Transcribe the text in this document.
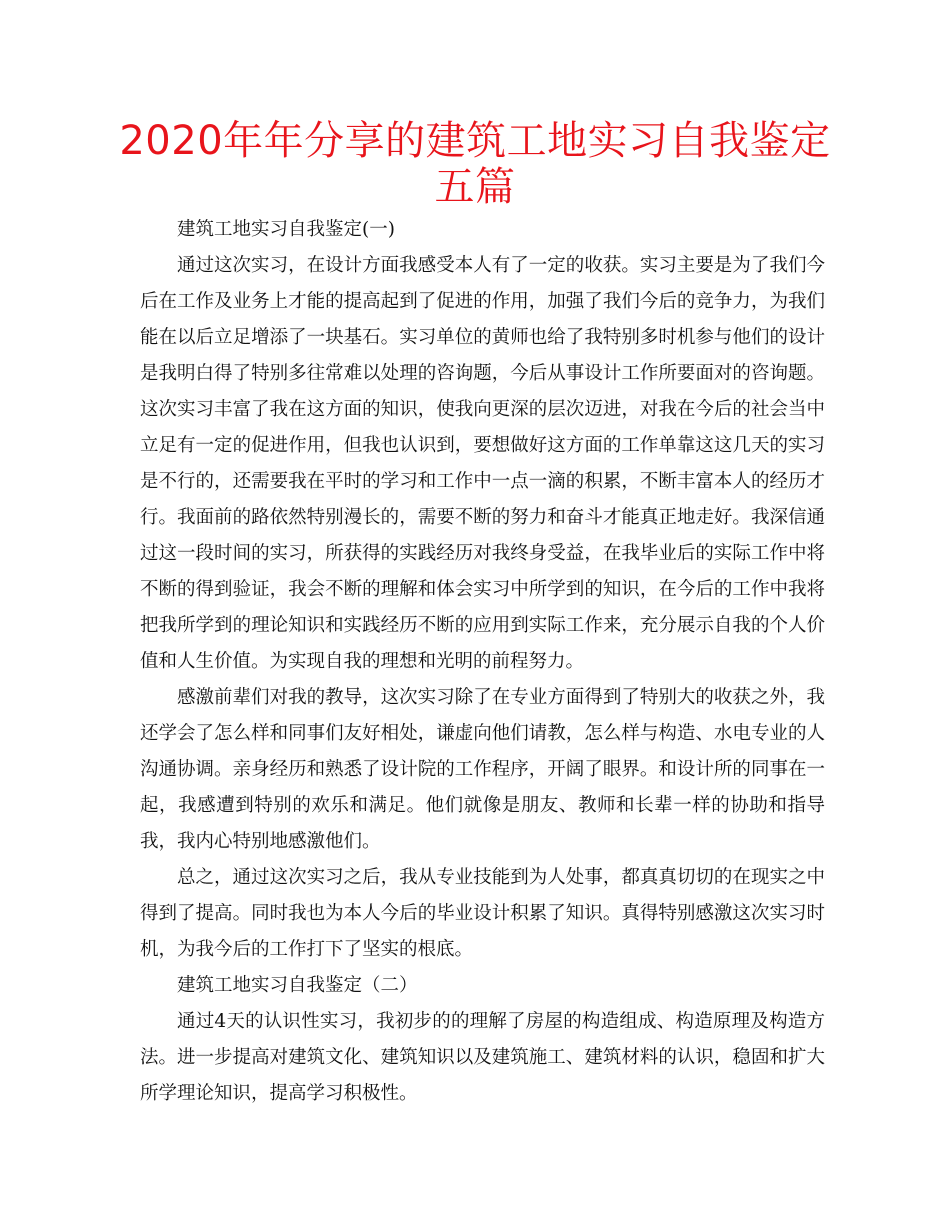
2020年年分享的建筑工地实习自我鉴定五篇

建筑工地实习自我鉴定(一)

通过这次实习，在设计方面我感受本人有了一定的收获。实习主要是为了我们今后在工作及业务上才能的提高起到了促进的作用，加强了我们今后的竞争力，为我们能在以后立足增添了一块基石。实习单位的黄师也给了我特别多时机参与他们的设计是我明白得了特别多往常难以处理的咨询题，今后从事设计工作所要面对的咨询题。这次实习丰富了我在这方面的知识，使我向更深的层次迈进，对我在今后的社会当中立足有一定的促进作用，但我也认识到，要想做好这方面的工作单靠这这几天的实习是不行的，还需要我在平时的学习和工作中一点一滴的积累，不断丰富本人的经历才行。我面前的路依然特别漫长的，需要不断的努力和奋斗才能真正地走好。我深信通过这一段时间的实习，所获得的实践经历对我终身受益，在我毕业后的实际工作中将不断的得到验证，我会不断的理解和体会实习中所学到的知识，在今后的工作中我将把我所学到的理论知识和实践经历不断的应用到实际工作来，充分展示自我的个人价值和人生价值。为实现自我的理想和光明的前程努力。

感激前辈们对我的教导，这次实习除了在专业方面得到了特别大的收获之外，我还学会了怎么样和同事们友好相处，谦虚向他们请教，怎么样与构造、水电专业的人沟通协调。亲身经历和熟悉了设计院的工作程序，开阔了眼界。和设计所的同事在一起，我感遭到特别的欢乐和满足。他们就像是朋友、教师和长辈一样的协助和指导我，我内心特别地感激他们。

总之，通过这次实习之后，我从专业技能到为人处事，都真真切切的在现实之中得到了提高。同时我也为本人今后的毕业设计积累了知识。真得特别感激这次实习时机，为我今后的工作打下了坚实的根底。

建筑工地实习自我鉴定（二）

通过4天的认识性实习，我初步的的理解了房屋的构造组成、构造原理及构造方法。进一步提高对建筑文化、建筑知识以及建筑施工、建筑材料的认识，稳固和扩大所学理论知识，提高学习积极性。
